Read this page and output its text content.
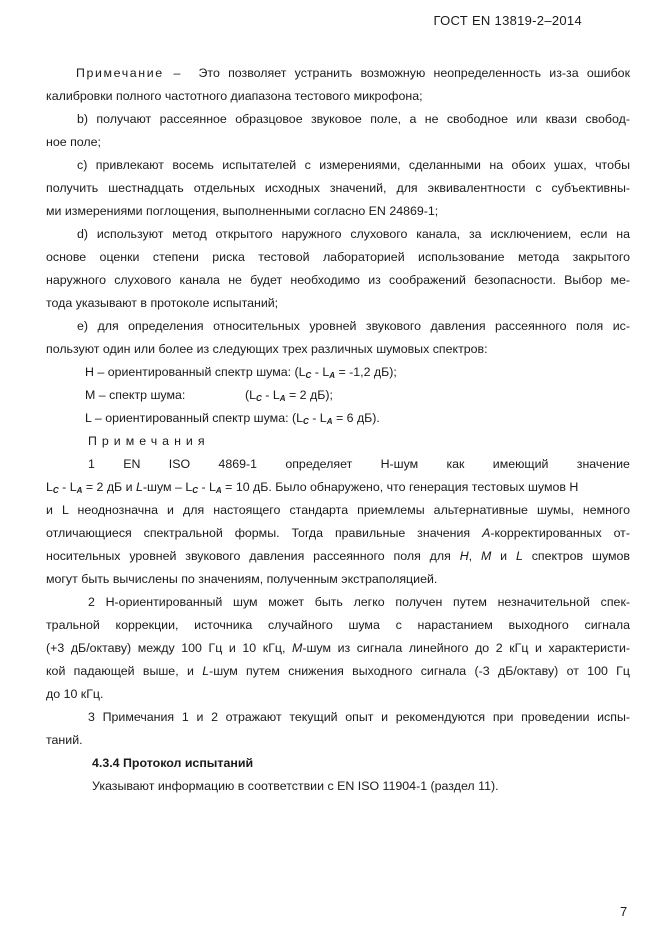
ГОСТ EN 13819-2–2014
Примечание – Это позволяет устранить возможную неопределенность из-за ошибок
калибровки полного частотного диапазона тестового микрофона;
b) получают рассеянное образцовое звуковое поле, а не свободное или квази свобод-
ное поле;
c) привлекают восемь испытателей с измерениями, сделанными на обоих ушах, чтобы
получить шестнадцать отдельных исходных значений, для эквивалентности с субъективны-
ми измерениями поглощения, выполненными согласно EN 24869-1;
d) используют метод открытого наружного слухового канала, за исключением, если на
основе оценки степени риска тестовой лабораторией использование метода закрытого
наружного слухового канала не будет необходимо из соображений безопасности. Выбор ме-
тода указывают в протоколе испытаний;
e) для определения относительных уровней звукового давления рассеянного поля ис-
пользуют один или более из следующих трех различных шумовых спектров:
H – ориентированный спектр шума: ($L_C - L_A = -1,2$ дБ);
M – спектр шума:	($L_C - L_A = 2$ дБ);
L – ориентированный спектр шума: ($L_C - L_A = 6$ дБ).
Примечания
1 EN ISO 4869-1 определяет H-шум как имеющий значение
$L_C - L_A = 2$ дБ и $L-шум - L_C - L_A = 10$ дБ. Было обнаружено, что генерация тестовых шумов H
и L неоднозначна и для настоящего стандарта приемлемы альтернативные шумы, немного
отличающиеся спектральной формы. Тогда правильные значения A-корректированных от-
носительных уровней звукового давления рассеянного поля для H, M и L спектров шумов
могут быть вычислены по значениям, полученным экстраполяцией.
2 H-ориентированный шум может быть легко получен путем незначительной спек-
тральной коррекции, источника случайного шума с нарастанием выходного сигнала
(+3 дБ/октаву) между 100 Гц и 10 кГц, M-шум из сигнала линейного до 2 кГц и характеристи-
кой падающей выше, и L-шум путем снижения выходного сигнала (-3 дБ/октаву) от 100 Гц
до 10 кГц.
3 Примечания 1 и 2 отражают текущий опыт и рекомендуются при проведении испы-
таний.
4.3.4 Протокол испытаний
Указывают информацию в соответствии с EN ISO 11904-1 (раздел 11).
7
